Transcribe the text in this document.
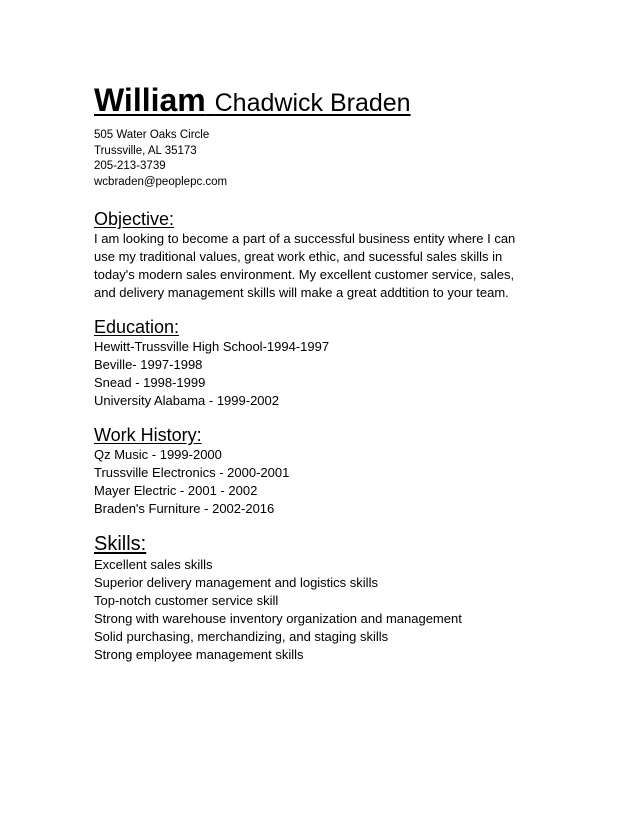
William Chadwick Braden
505 Water Oaks Circle
Trussville, AL 35173
205-213-3739
wcbraden@peoplepc.com
Objective:
I am looking to become a part of a successful business entity where I can
use my traditional values, great work ethic, and sucessful sales skills in
today's modern sales environment. My excellent customer service, sales,
and delivery management skills will make a great addtition to your team.
Education:
Hewitt-Trussville High School-1994-1997
Beville- 1997-1998
Snead - 1998-1999
University Alabama - 1999-2002
Work History:
Qz Music - 1999-2000
Trussville Electronics - 2000-2001
Mayer Electric - 2001 - 2002
Braden's Furniture - 2002-2016
Skills:
Excellent sales skills
Superior delivery management and logistics skills
Top-notch customer service skill
Strong with warehouse inventory organization and management
Solid purchasing, merchandizing, and staging skills
Strong employee management skills
